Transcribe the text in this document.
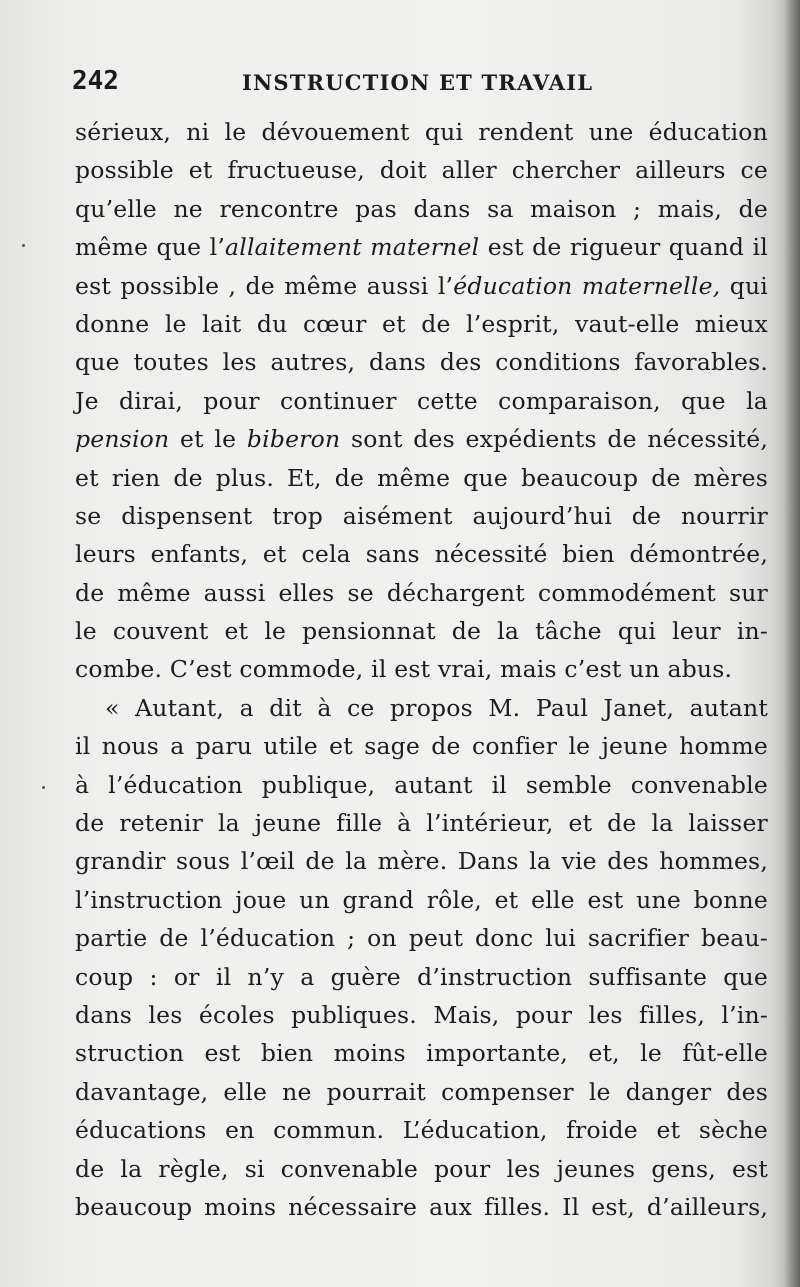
242	INSTRUCTION ET TRAVAIL
sérieux, ni le dévouement qui rendent une éducation
possible et fructueuse, doit aller chercher ailleurs ce
qu’elle ne rencontre pas dans sa maison ; mais, de
même que l’allaitement maternel est de rigueur quand il
est possible , de même aussi l’éducation maternelle, qui
donne le lait du cœur et de l’esprit, vaut-elle mieux
que toutes les autres, dans des conditions favorables.
Je dirai, pour continuer cette comparaison, que la
pension et le biberon sont des expédients de nécessité,
et rien de plus. Et, de même que beaucoup de mères
se dispensent trop aisément aujourd’hui de nourrir
leurs enfants, et cela sans nécessité bien démontrée,
de même aussi elles se déchargent commodément sur
le couvent et le pensionnat de la tâche qui leur in-
combe. C’est commode, il est vrai, mais c’est un abus.
« Autant, a dit à ce propos M. Paul Janet, autant
il nous a paru utile et sage de confier le jeune homme
à l’éducation publique, autant il semble convenable
de retenir la jeune fille à l’intérieur, et de la laisser
grandir sous l’œil de la mère. Dans la vie des hommes,
l’instruction joue un grand rôle, et elle est une bonne
partie de l’éducation ; on peut donc lui sacrifier beau-
coup : or il n’y a guère d’instruction suffisante que
dans les écoles publiques. Mais, pour les filles, l’in-
struction est bien moins importante, et, le fût-elle
davantage, elle ne pourrait compenser le danger des
éducations en commun. L’éducation, froide et sèche
de la règle, si convenable pour les jeunes gens, est
beaucoup moins nécessaire aux filles. Il est, d’ailleurs,
